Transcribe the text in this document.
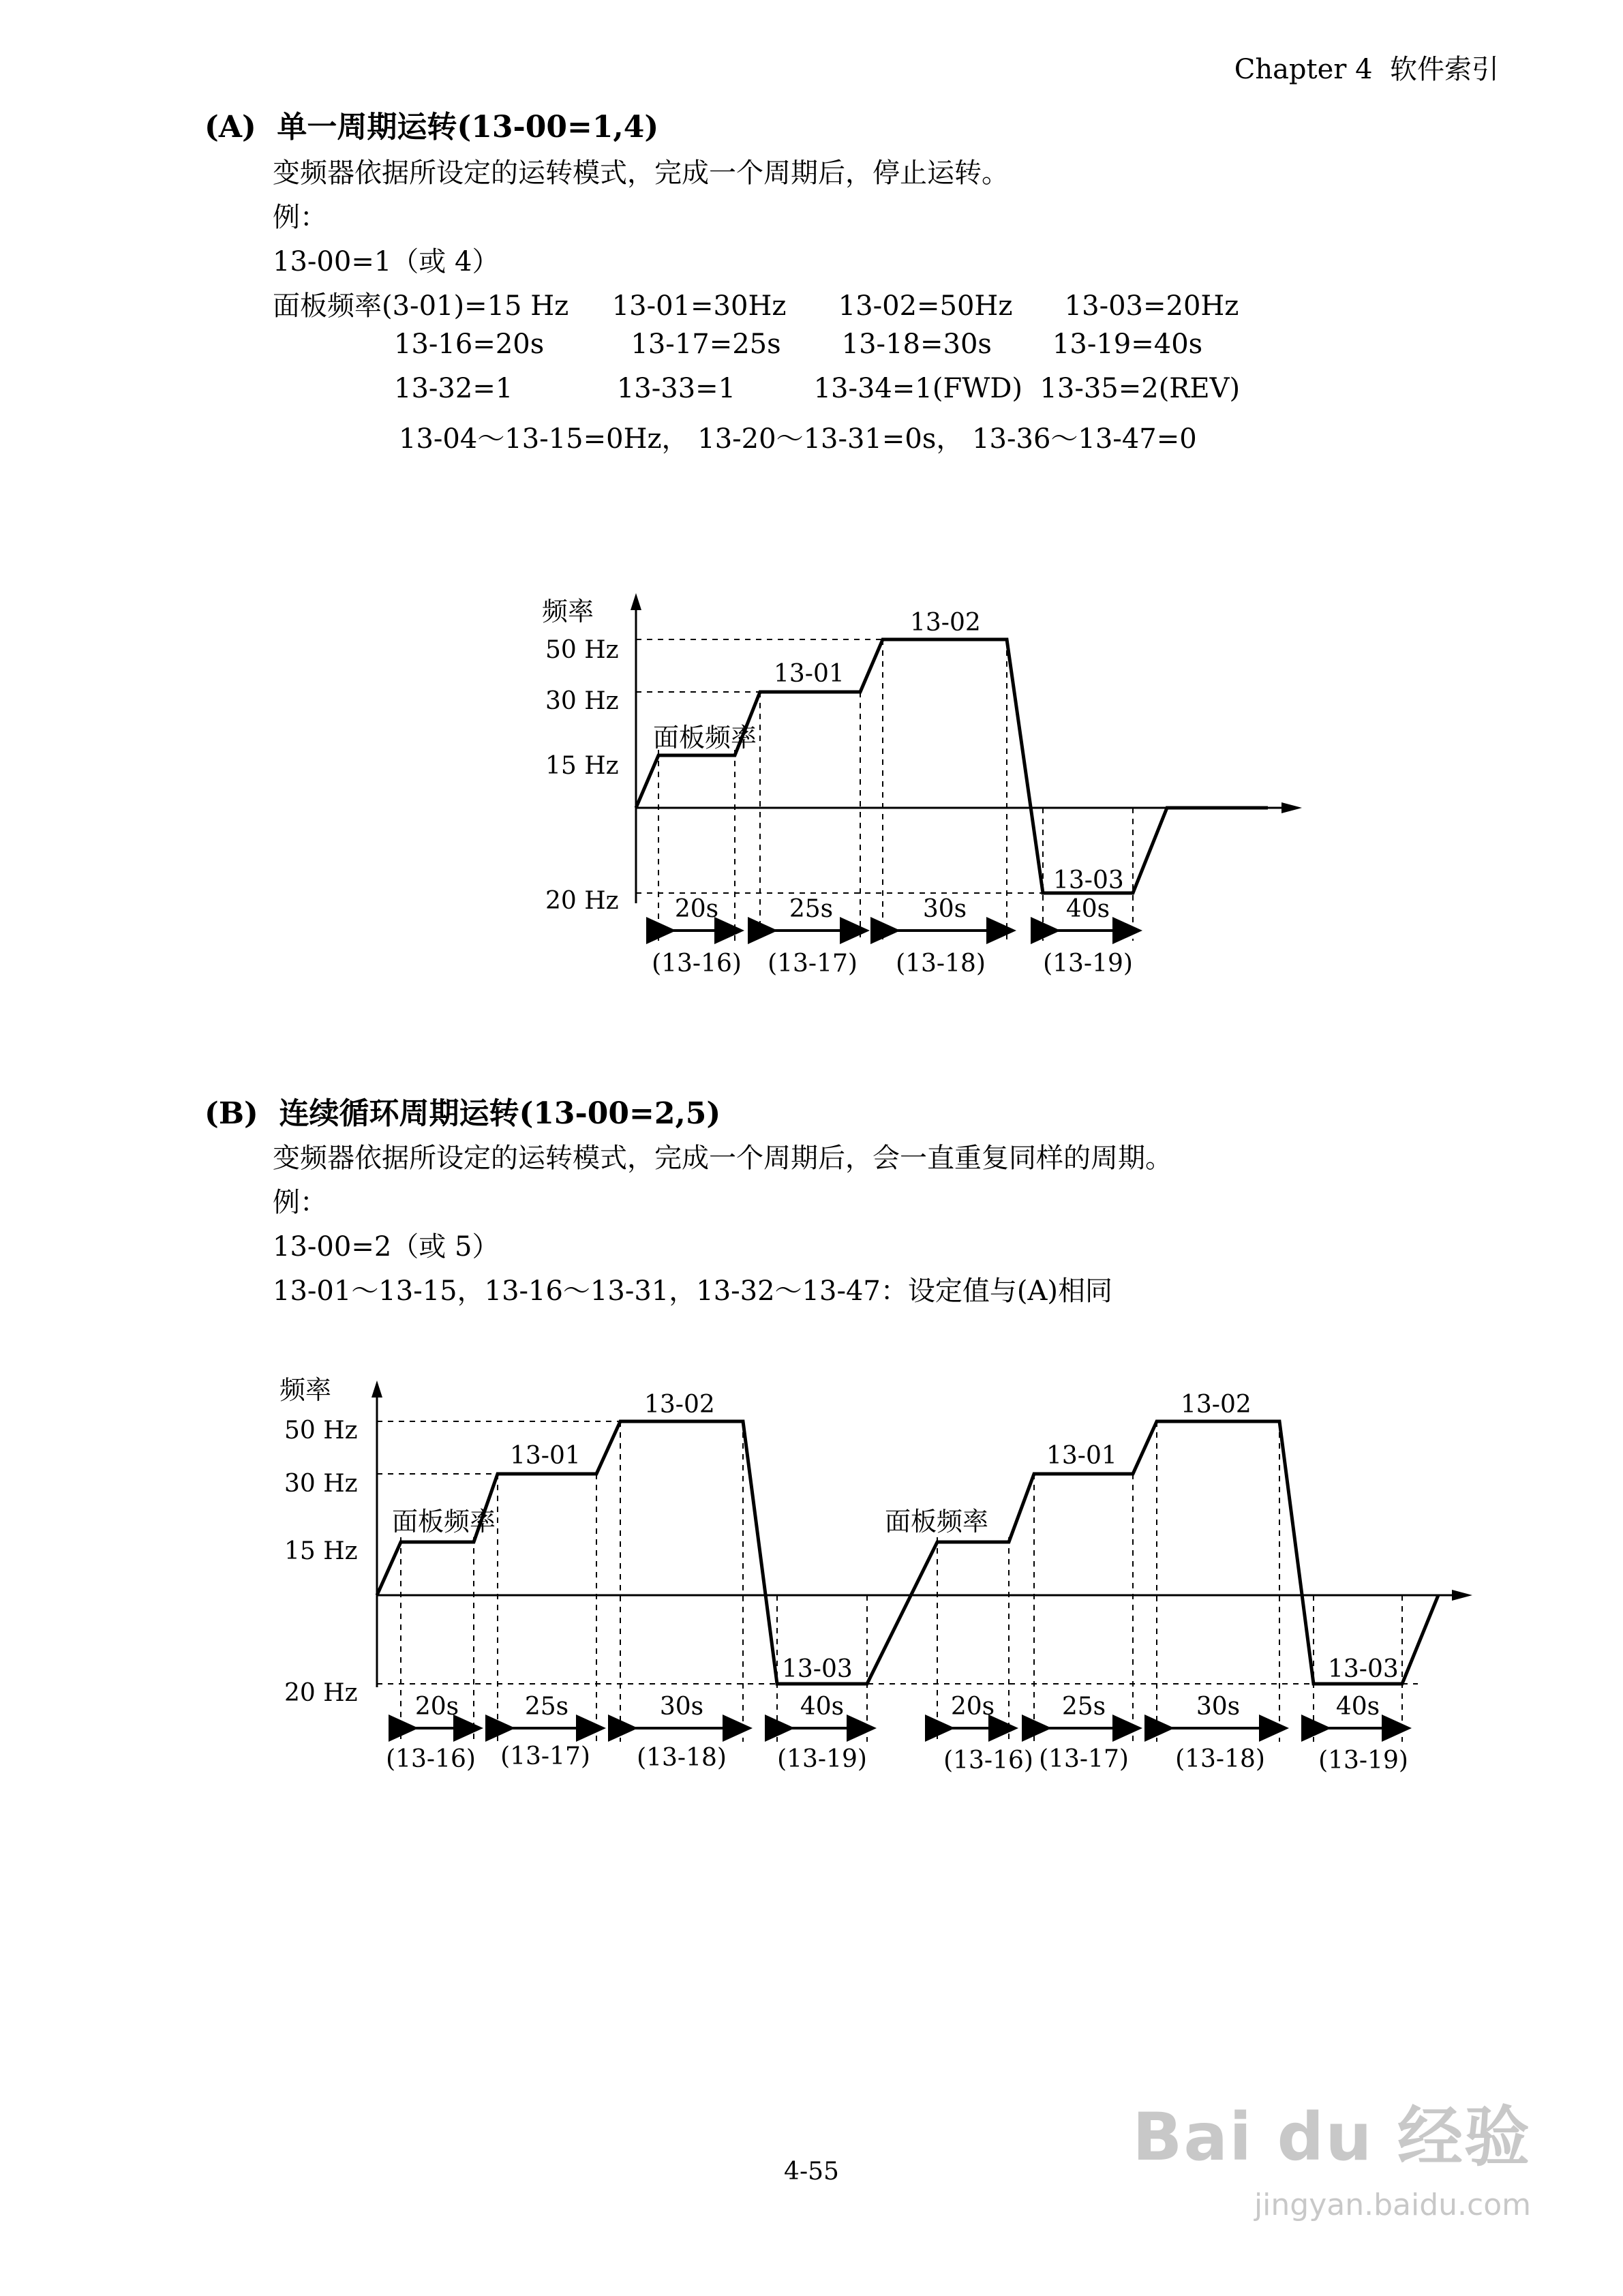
Chapter 4  软件索引
(A)  单一周期运转(13-00=1,4)
变频器依据所设定的运转模式，完成一个周期后，停止运转。
例：
13-00=1（或 4）
面板频率(3-01)=15 Hz     13-01=30Hz      13-02=50Hz      13-03=20Hz
13-16=20s          13-17=25s       13-18=30s       13-19=40s
13-32=1            13-33=1         13-34=1(FWD)  13-35=2(REV)
13-04～13-15=0Hz， 13-20～13-31=0s， 13-36～13-47=0
频率
50 Hz
30 Hz
15 Hz
20 Hz
面板频率
13-01
13-02
13-03
20s	25s	30s	40s
(13-16) (13-17) (13-18) (13-19)
(B)  连续循环周期运转(13-00=2,5)
变频器依据所设定的运转模式，完成一个周期后，会一直重复同样的周期。
例：
13-00=2（或 5）
13-01～13-15，13-16～13-31，13-32～13-47：设定值与(A)相同
频率
50 Hz
30 Hz
15 Hz
20 Hz
面板频率
13-01
13-02
13-03
面板频率
13-01
13-02
13-03
20s	25s	30s	40s	20s	25s	30s	40s
(13-16) (13-17) (13-18) (13-19)	(13-16) (13-17) (13-18) (13-19)

Bai du 经验

jingyan.baidu.com

4-55
